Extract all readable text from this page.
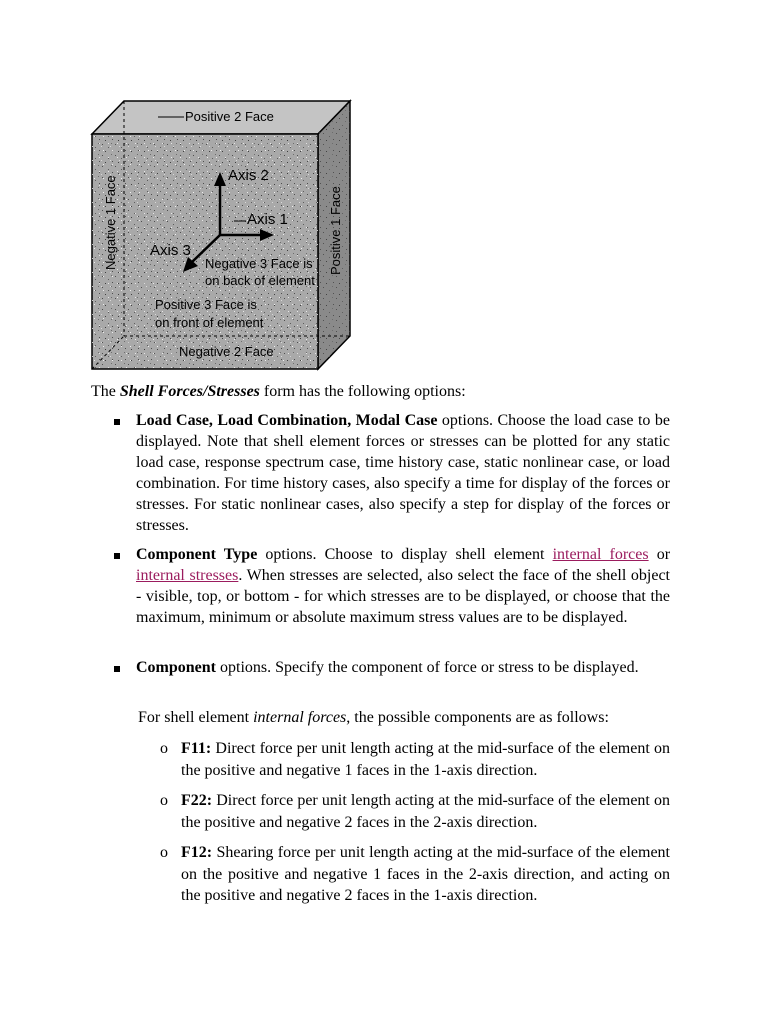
Positive 2 Face
Negative 2 Face
Negative 1 Face	Positive 1 Face
Axis 2
Axis 1
Axis 3
Negative 3 Face is
on back of element
Positive 3 Face is
on front of element

The Shell Forces/Stresses form has the following options:

Load Case, Load Combination, Modal Case options. Choose the load case to be displayed. Note that shell element forces or stresses can be plotted for any static load case, response spectrum case, time history case, static nonlinear case, or load combination. For time history cases, also specify a time for display of the forces or stresses. For static nonlinear cases, also specify a step for display of the forces or stresses.

Component Type options. Choose to display shell element internal forces or internal stresses. When stresses are selected, also select the face of the shell object - visible, top, or bottom - for which stresses are to be displayed, or choose that the maximum, minimum or absolute maximum stress values are to be displayed.

Component options. Specify the component of force or stress to be displayed.

For shell element internal forces, the possible components are as follows:

o F11: Direct force per unit length acting at the mid-surface of the element on the positive and negative 1 faces in the 1-axis direction.

o F22: Direct force per unit length acting at the mid-surface of the element on the positive and negative 2 faces in the 2-axis direction.

o F12: Shearing force per unit length acting at the mid-surface of the element on the positive and negative 1 faces in the 2-axis direction, and acting on the positive and negative 2 faces in the 1-axis direction.
